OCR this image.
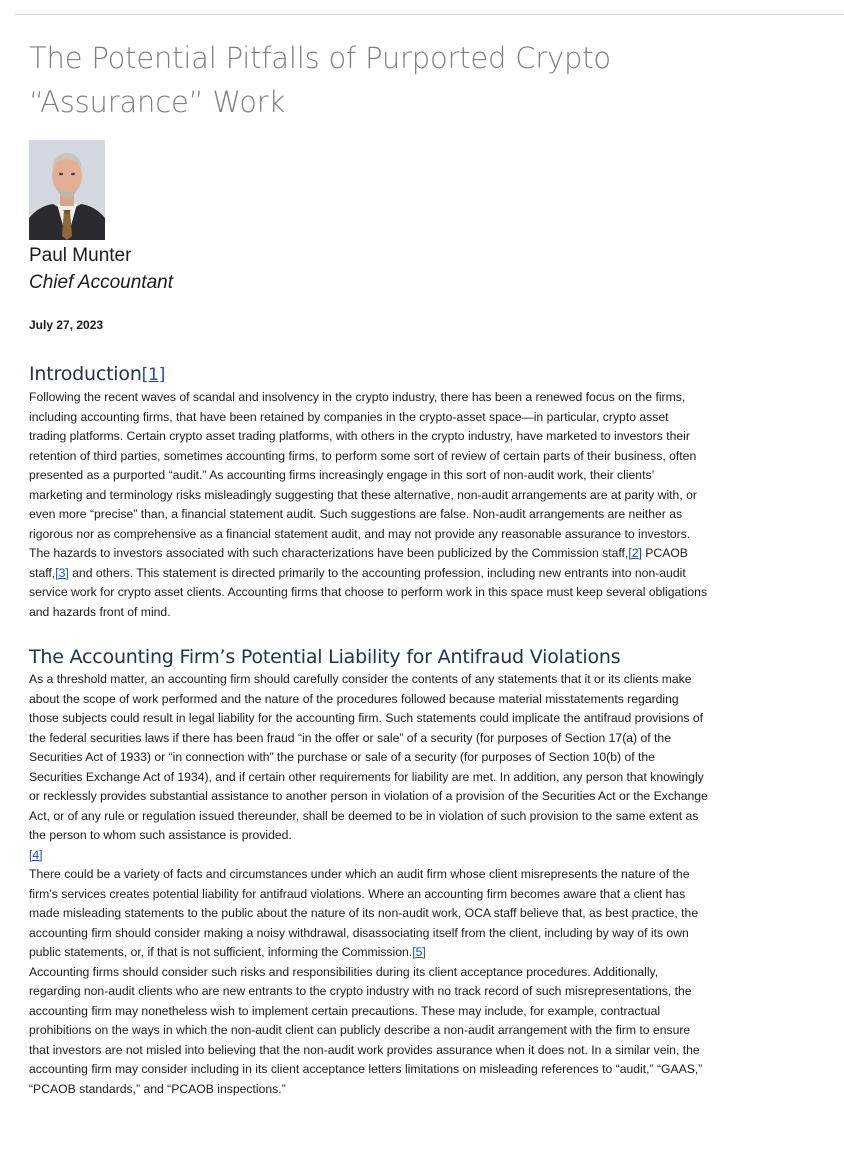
The Potential Pitfalls of Purported Crypto “Assurance” Work
Paul Munter
Chief Accountant
July 27, 2023
Introduction[1]

Following the recent waves of scandal and insolvency in the crypto industry, there has been a renewed focus on the firms, including accounting firms, that have been retained by companies in the crypto-asset space—in particular, crypto asset trading platforms. Certain crypto asset trading platforms, with others in the crypto industry, have marketed to investors their retention of third parties, sometimes accounting firms, to perform some sort of review of certain parts of their business, often presented as a purported “audit.” As accounting firms increasingly engage in this sort of non-audit work, their clients’ marketing and terminology risks misleadingly suggesting that these alternative, non-audit arrangements are at parity with, or even more “precise” than, a financial statement audit. Such suggestions are false. Non-audit arrangements are neither as rigorous nor as comprehensive as a financial statement audit, and may not provide any reasonable assurance to investors.

The hazards to investors associated with such characterizations have been publicized by the Commission staff,[2] PCAOB staff,[3] and others. This statement is directed primarily to the accounting profession, including new entrants into non-audit service work for crypto asset clients. Accounting firms that choose to perform work in this space must keep several obligations and hazards front of mind.

The Accounting Firm’s Potential Liability for Antifraud Violations

As a threshold matter, an accounting firm should carefully consider the contents of any statements that it or its clients make about the scope of work performed and the nature of the procedures followed because material misstatements regarding those subjects could result in legal liability for the accounting firm. Such statements could implicate the antifraud provisions of the federal securities laws if there has been fraud “in the offer or sale” of a security (for purposes of Section 17(a) of the Securities Act of 1933) or “in connection with” the purchase or sale of a security (for purposes of Section 10(b) of the Securities Exchange Act of 1934), and if certain other requirements for liability are met. In addition, any person that knowingly or recklessly provides substantial assistance to another person in violation of a provision of the Securities Act or the Exchange Act, or of any rule or regulation issued thereunder, shall be deemed to be in violation of such provision to the same extent as the person to whom such assistance is provided.
[4]

There could be a variety of facts and circumstances under which an audit firm whose client misrepresents the nature of the firm’s services creates potential liability for antifraud violations. Where an accounting firm becomes aware that a client has made misleading statements to the public about the nature of its non-audit work, OCA staff believe that, as best practice, the accounting firm should consider making a noisy withdrawal, disassociating itself from the client, including by way of its own public statements, or, if that is not sufficient, informing the Commission.[5]

Accounting firms should consider such risks and responsibilities during its client acceptance procedures. Additionally, regarding non-audit clients who are new entrants to the crypto industry with no track record of such misrepresentations, the accounting firm may nonetheless wish to implement certain precautions. These may include, for example, contractual prohibitions on the ways in which the non-audit client can publicly describe a non-audit arrangement with the firm to ensure that investors are not misled into believing that the non-audit work provides assurance when it does not. In a similar vein, the accounting firm may consider including in its client acceptance letters limitations on misleading references to “audit,” “GAAS,” “PCAOB standards,” and “PCAOB inspections.”
